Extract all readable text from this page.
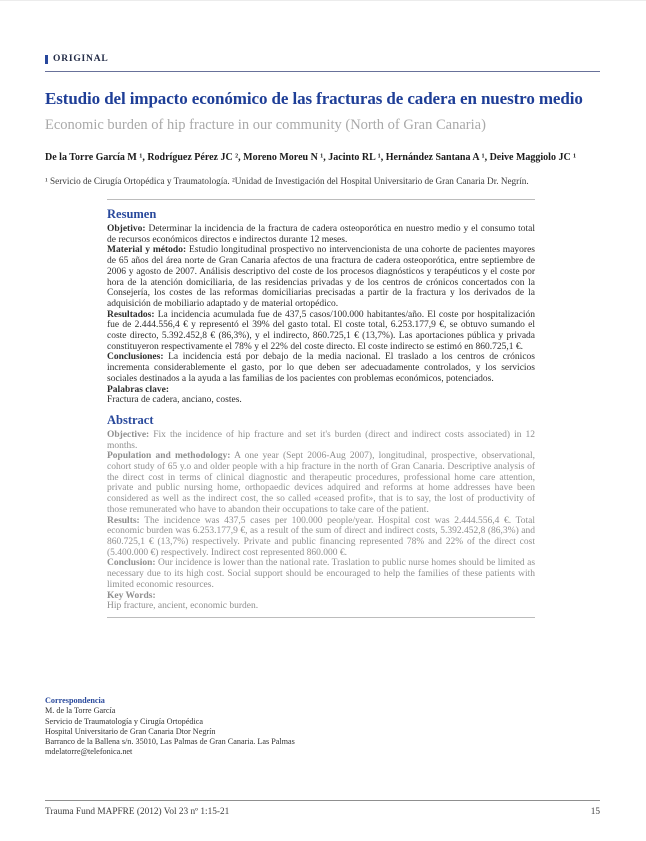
ORIGINAL
Estudio del impacto económico de las fracturas de cadera en nuestro medio
Economic burden of hip fracture in our community (North of Gran Canaria)
De la Torre García M ¹, Rodríguez Pérez JC ², Moreno Moreu N ¹, Jacinto RL ¹, Hernández Santana A ¹, Deive Maggiolo JC ¹
¹ Servicio de Cirugía Ortopédica y Traumatología. ²Unidad de Investigación del Hospital Universitario de Gran Canaria Dr. Negrín.
Resumen

Objetivo: Determinar la incidencia de la fractura de cadera osteoporótica en nuestro medio y el consumo total de recursos económicos directos e indirectos durante 12 meses.

Material y método: Estudio longitudinal prospectivo no intervencionista de una cohorte de pacientes mayores de 65 años del área norte de Gran Canaria afectos de una fractura de cadera osteoporótica, entre septiembre de 2006 y agosto de 2007. Análisis descriptivo del coste de los procesos diagnósticos y terapéuticos y el coste por hora de la atención domiciliaria, de las residencias privadas y de los centros de crónicos concertados con la Consejería, los costes de las reformas domiciliarias precisadas a partir de la fractura y los derivados de la adquisición de mobiliario adaptado y de material ortopédico.

Resultados: La incidencia acumulada fue de 437,5 casos/100.000 habitantes/año. El coste por hospitalización fue de 2.444.556,4 € y representó el 39% del gasto total. El coste total, 6.253.177,9 €, se obtuvo sumando el coste directo, 5.392.452,8 € (86,3%), y el indirecto, 860.725,1 € (13,7%). Las aportaciones pública y privada constituyeron respectivamente el 78% y el 22% del coste directo. El coste indirecto se estimó en 860.725,1 €.

Conclusiones: La incidencia está por debajo de la media nacional. El traslado a los centros de crónicos incrementa considerablemente el gasto, por lo que deben ser adecuadamente controlados, y los servicios sociales destinados a la ayuda a las familias de los pacientes con problemas económicos, potenciados.

Palabras clave:
Fractura de cadera, anciano, costes.

Abstract

Objective: Fix the incidence of hip fracture and set it's burden (direct and indirect costs associated) in 12 months.

Population and methodology: A one year (Sept 2006-Aug 2007), longitudinal, prospective, observational, cohort study of 65 y.o and older people with a hip fracture in the north of Gran Canaria. Descriptive analysis of the direct cost in terms of clinical diagnostic and therapeutic procedures, professional home care attention, private and public nursing home, orthopaedic devices adquired and reforms at home addresses have been considered as well as the indirect cost, the so called «ceased profit», that is to say, the lost of productivity of those remunerated who have to abandon their occupations to take care of the patient.

Results: The incidence was 437,5 cases per 100.000 people/year. Hospital cost was 2.444.556,4 €. Total economic burden was 6.253.177,9 €, as a result of the sum of direct and indirect costs, 5.392.452,8 (86,3%) and 860.725,1 € (13,7%) respectively. Private and public financing represented 78% and 22% of the direct cost (5.400.000 €) respectively. Indirect cost represented 860.000 €.

Conclusion: Our incidence is lower than the national rate. Traslation to public nurse homes should be limited as necessary due to its high cost. Social support should be encouraged to help the families of these patients with limited economic resources.

Key Words:
Hip fracture, ancient, economic burden.

Correspondencia
M. de la Torre García
Servicio de Traumatología y Cirugía Ortopédica
Hospital Universitario de Gran Canaria Dtor Negrín
Barranco de la Ballena s/n. 35010, Las Palmas de Gran Canaria. Las Palmas
mdelatorre@telefonica.net
Trauma Fund MAPFRE (2012) Vol 23 nº 1:15-21	15
